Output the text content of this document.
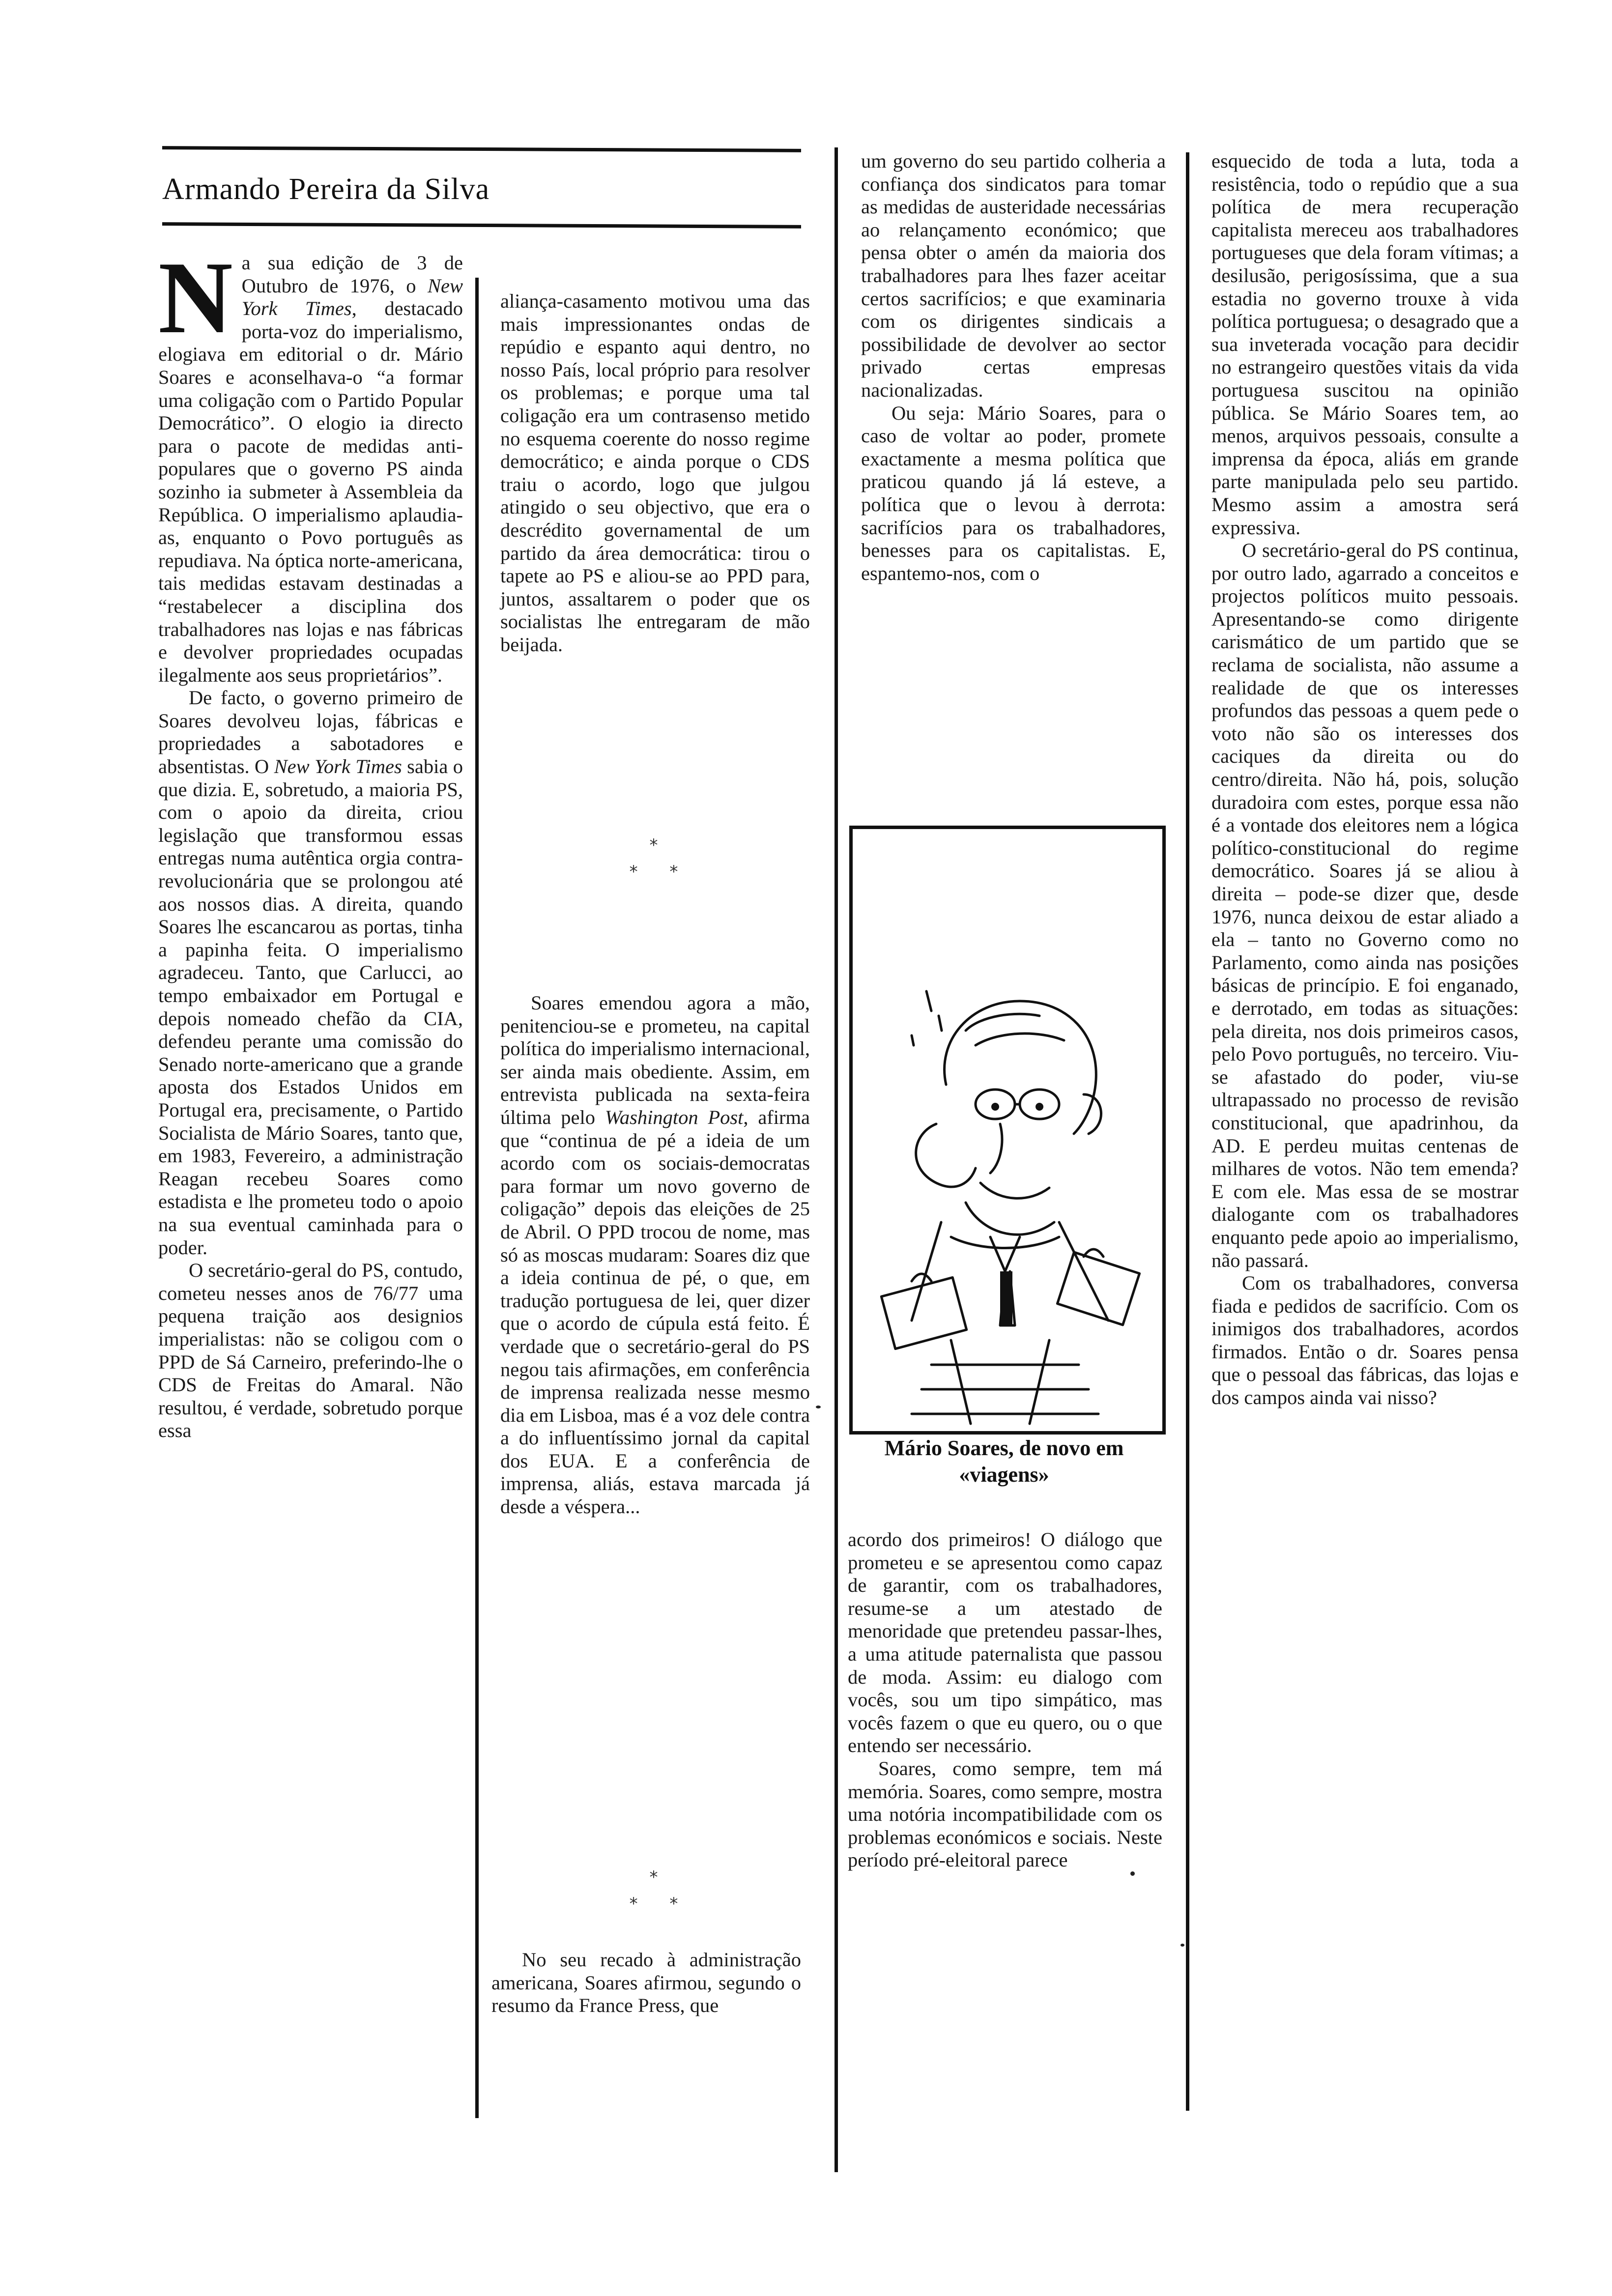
Armando Pereira da Silva
N a sua edição de 3 de Outubro de 1976, o New York Times, destacado porta-voz do imperialismo, elogiava em editorial o dr. Mário Soares e aconselhava-o “a formar uma coligação com o Partido Popular Democrático”. O elogio ia directo para o pacote de medidas anti-populares que o governo PS ainda sozinho ia submeter à Assembleia da República. O imperialismo aplaudia-as, enquanto o Povo português as repudiava. Na óptica norte-americana, tais medidas estavam destinadas a “restabelecer a disciplina dos trabalhadores nas lojas e nas fábricas e devolver propriedades ocupadas ilegalmente aos seus proprietários”.

De facto, o governo primeiro de Soares devolveu lojas, fábricas e propriedades a sabotadores e absentistas. O New York Times sabia o que dizia. E, sobretudo, a maioria PS, com o apoio da direita, criou legislação que transformou essas entregas numa autêntica orgia contra-revolucionária que se prolongou até aos nossos dias. A direita, quando Soares lhe escancarou as portas, tinha a papinha feita. O imperialismo agradeceu. Tanto, que Carlucci, ao tempo embaixador em Portugal e depois nomeado chefão da CIA, defendeu perante uma comissão do Senado norte-americano que a grande aposta dos Estados Unidos em Portugal era, precisamente, o Partido Socialista de Mário Soares, tanto que, em 1983, Fevereiro, a administração Reagan recebeu Soares como estadista e lhe prometeu todo o apoio na sua eventual caminhada para o poder.

O secretário-geral do PS, contudo, cometeu nesses anos de 76/77 uma pequena traição aos designios imperialistas: não se coligou com o PPD de Sá Carneiro, preferindo-lhe o CDS de Freitas do Amaral. Não resultou, é verdade, sobretudo porque essa

aliança-casamento motivou uma das mais impressionantes ondas de repúdio e espanto aqui dentro, no nosso País, local próprio para resolver os problemas; e porque uma tal coligação era um contrasenso metido no esquema coerente do nosso regime democrático; e ainda porque o CDS traiu o acordo, logo que julgou atingido o seu objectivo, que era o descrédito governamental de um partido da área democrática: tirou o tapete ao PS e aliou-se ao PPD para, juntos, assaltarem o poder que os socialistas lhe entregaram de mão beijada.

*
*      *

Soares emendou agora a mão, penitenciou-se e prometeu, na capital política do imperialismo internacional, ser ainda mais obediente. Assim, em entrevista publicada na sexta-feira última pelo Washington Post, afirma que “continua de pé a ideia de um acordo com os sociais-democratas para formar um novo governo de coligação” depois das eleições de 25 de Abril. O PPD trocou de nome, mas só as moscas mudaram: Soares diz que a ideia continua de pé, o que, em tradução portuguesa de lei, quer dizer que o acordo de cúpula está feito. É verdade que o secretário-geral do PS negou tais afirmações, em conferência de imprensa realizada nesse mesmo dia em Lisboa, mas é a voz dele contra a do influentíssimo jornal da capital dos EUA. E a conferência de imprensa, aliás, estava marcada já desde a véspera...

*
*      *

No seu recado à administração americana, Soares afirmou, segundo o resumo da France Press, que

um governo do seu partido colheria a confiança dos sindicatos para tomar as medidas de austeridade necessárias ao relançamento económico; que pensa obter o amén da maioria dos trabalhadores para lhes fazer aceitar certos sacrifícios; e que examinaria com os dirigentes sindicais a possibilidade de devolver ao sector privado certas empresas nacionalizadas.

Ou seja: Mário Soares, para o caso de voltar ao poder, promete exactamente a mesma política que praticou quando já lá esteve, a política que o levou à derrota: sacrifícios para os trabalhadores, benesses para os capitalistas. E, espantemo-nos, com o

Mário Soares, de novo em
«viagens»

acordo dos primeiros! O diálogo que prometeu e se apresentou como capaz de garantir, com os trabalhadores, resume-se a um atestado de menoridade que pretendeu passar-lhes, a uma atitude paternalista que passou de moda. Assim: eu dialogo com vocês, sou um tipo simpático, mas vocês fazem o que eu quero, ou o que entendo ser necessário.

Soares, como sempre, tem má memória. Soares, como sempre, mostra uma notória incompatibilidade com os problemas económicos e sociais. Neste período pré-eleitoral parece

esquecido de toda a luta, toda a resistência, todo o repúdio que a sua política de mera recuperação capitalista mereceu aos trabalhadores portugueses que dela foram vítimas; a desilusão, perigosíssima, que a sua estadia no governo trouxe à vida política portuguesa; o desagrado que a sua inveterada vocação para decidir no estrangeiro questões vitais da vida portuguesa suscitou na opinião pública. Se Mário Soares tem, ao menos, arquivos pessoais, consulte a imprensa da época, aliás em grande parte manipulada pelo seu partido. Mesmo assim a amostra será expressiva.

O secretário-geral do PS continua, por outro lado, agarrado a conceitos e projectos políticos muito pessoais. Apresentando-se como dirigente carismático de um partido que se reclama de socialista, não assume a realidade de que os interesses profundos das pessoas a quem pede o voto não são os interesses dos caciques da direita ou do centro/direita. Não há, pois, solução duradoira com estes, porque essa não é a vontade dos eleitores nem a lógica político-constitucional do regime democrático. Soares já se aliou à direita – pode-se dizer que, desde 1976, nunca deixou de estar aliado a ela – tanto no Governo como no Parlamento, como ainda nas posições básicas de princípio. E foi enganado, e derrotado, em todas as situações: pela direita, nos dois primeiros casos, pelo Povo português, no terceiro. Viu-se afastado do poder, viu-se ultrapassado no processo de revisão constitucional, que apadrinhou, da AD. E perdeu muitas centenas de milhares de votos. Não tem emenda? E com ele. Mas essa de se mostrar dialogante com os trabalhadores enquanto pede apoio ao imperialismo, não passará.

Com os trabalhadores, conversa fiada e pedidos de sacrifício. Com os inimigos dos trabalhadores, acordos firmados. Então o dr. Soares pensa que o pessoal das fábricas, das lojas e dos campos ainda vai nisso?
